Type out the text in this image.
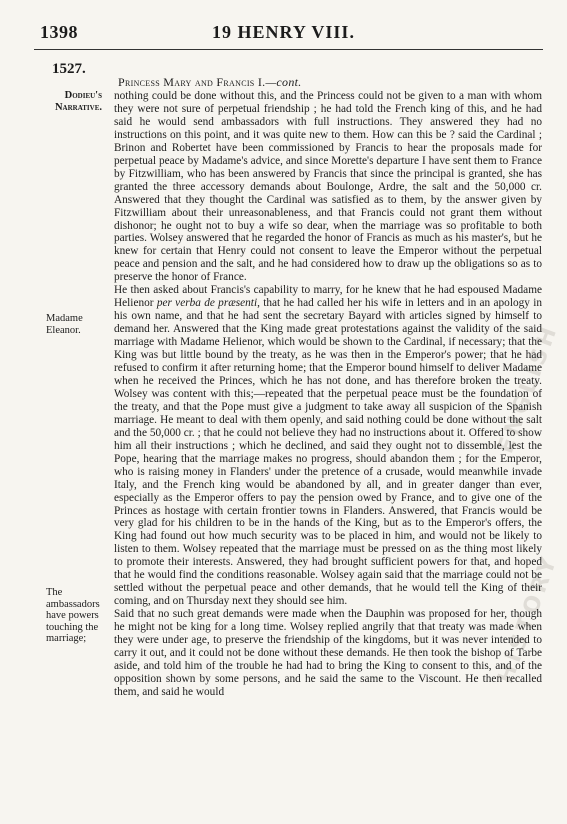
1398	19 HENRY VIII.
1527.
Princess Mary and Francis I.—cont.
Dodieu's Narrative.
Madame Eleanor.
The ambassadors have powers touching the marriage;
ENGLISH
HISTORY

nothing could be done without this, and the Princess could not be given to a man with whom they were not sure of perpetual friendship ; he had told the French king of this, and he had said he would send ambassadors with full instructions. They answered they had no instructions on this point, and it was quite new to them. How can this be ? said the Cardinal ; Brinon and Robertet have been commissioned by Francis to hear the proposals made for perpetual peace by Madame's advice, and since Morette's departure I have sent them to France by Fitzwilliam, who has been answered by Francis that since the principal is granted, she has granted the three accessory demands about Boulonge, Ardre, the salt and the 50,000 cr. Answered that they thought the Cardinal was satisfied as to them, by the answer given by Fitzwilliam about their unreasonableness, and that Francis could not grant them without dishonor; he ought not to buy a wife so dear, when the marriage was so profitable to both parties. Wolsey answered that he regarded the honor of Francis as much as his master's, but he knew for certain that Henry could not consent to leave the Emperor without the perpetual peace and pension and the salt, and he had considered how to draw up the obligations so as to preserve the honor of France.

He then asked about Francis's capability to marry, for he knew that he had espoused Madame Helienor per verba de præsenti, that he had called her his wife in letters and in an apology in his own name, and that he had sent the secretary Bayard with articles signed by himself to demand her. Answered that the King made great protestations against the validity of the said marriage with Madame Helienor, which would be shown to the Cardinal, if necessary; that the King was but little bound by the treaty, as he was then in the Emperor's power; that he had refused to confirm it after returning home; that the Emperor bound himself to deliver Madame when he received the Princes, which he has not done, and has therefore broken the treaty. Wolsey was content with this;—repeated that the perpetual peace must be the foundation of the treaty, and that the Pope must give a judgment to take away all suspicion of the Spanish marriage. He meant to deal with them openly, and said nothing could be done without the salt and the 50,000 cr. ; that he could not believe they had no instructions about it. Offered to show him all their instructions ; which he declined, and said they ought not to dissemble, lest the Pope, hearing that the marriage makes no progress, should abandon them ; for the Emperor, who is raising money in Flanders' under the pretence of a crusade, would meanwhile invade Italy, and the French king would be abandoned by all, and in greater danger than ever, especially as the Emperor offers to pay the pension owed by France, and to give one of the Princes as hostage with certain frontier towns in Flanders. Answered, that Francis would be very glad for his children to be in the hands of the King, but as to the Emperor's offers, the King had found out how much security was to be placed in him, and would not be likely to listen to them. Wolsey repeated that the marriage must be pressed on as the thing most likely to promote their interests. Answered, they had brought sufficient powers for that, and hoped that he would find the conditions reasonable. Wolsey again said that the marriage could not be settled without the perpetual peace and other demands, that he would tell the King of their coming, and on Thursday next they should see him.

Said that no such great demands were made when the Dauphin was proposed for her, though he might not be king for a long time. Wolsey replied angrily that that treaty was made when they were under age, to preserve the friendship of the kingdoms, but it was never intended to carry it out, and it could not be done without these demands. He then took the bishop of Tarbe aside, and told him of the trouble he had had to bring the King to consent to this, and of the opposition shown by some persons, and he said the same to the Viscount. He then recalled them, and said he would
